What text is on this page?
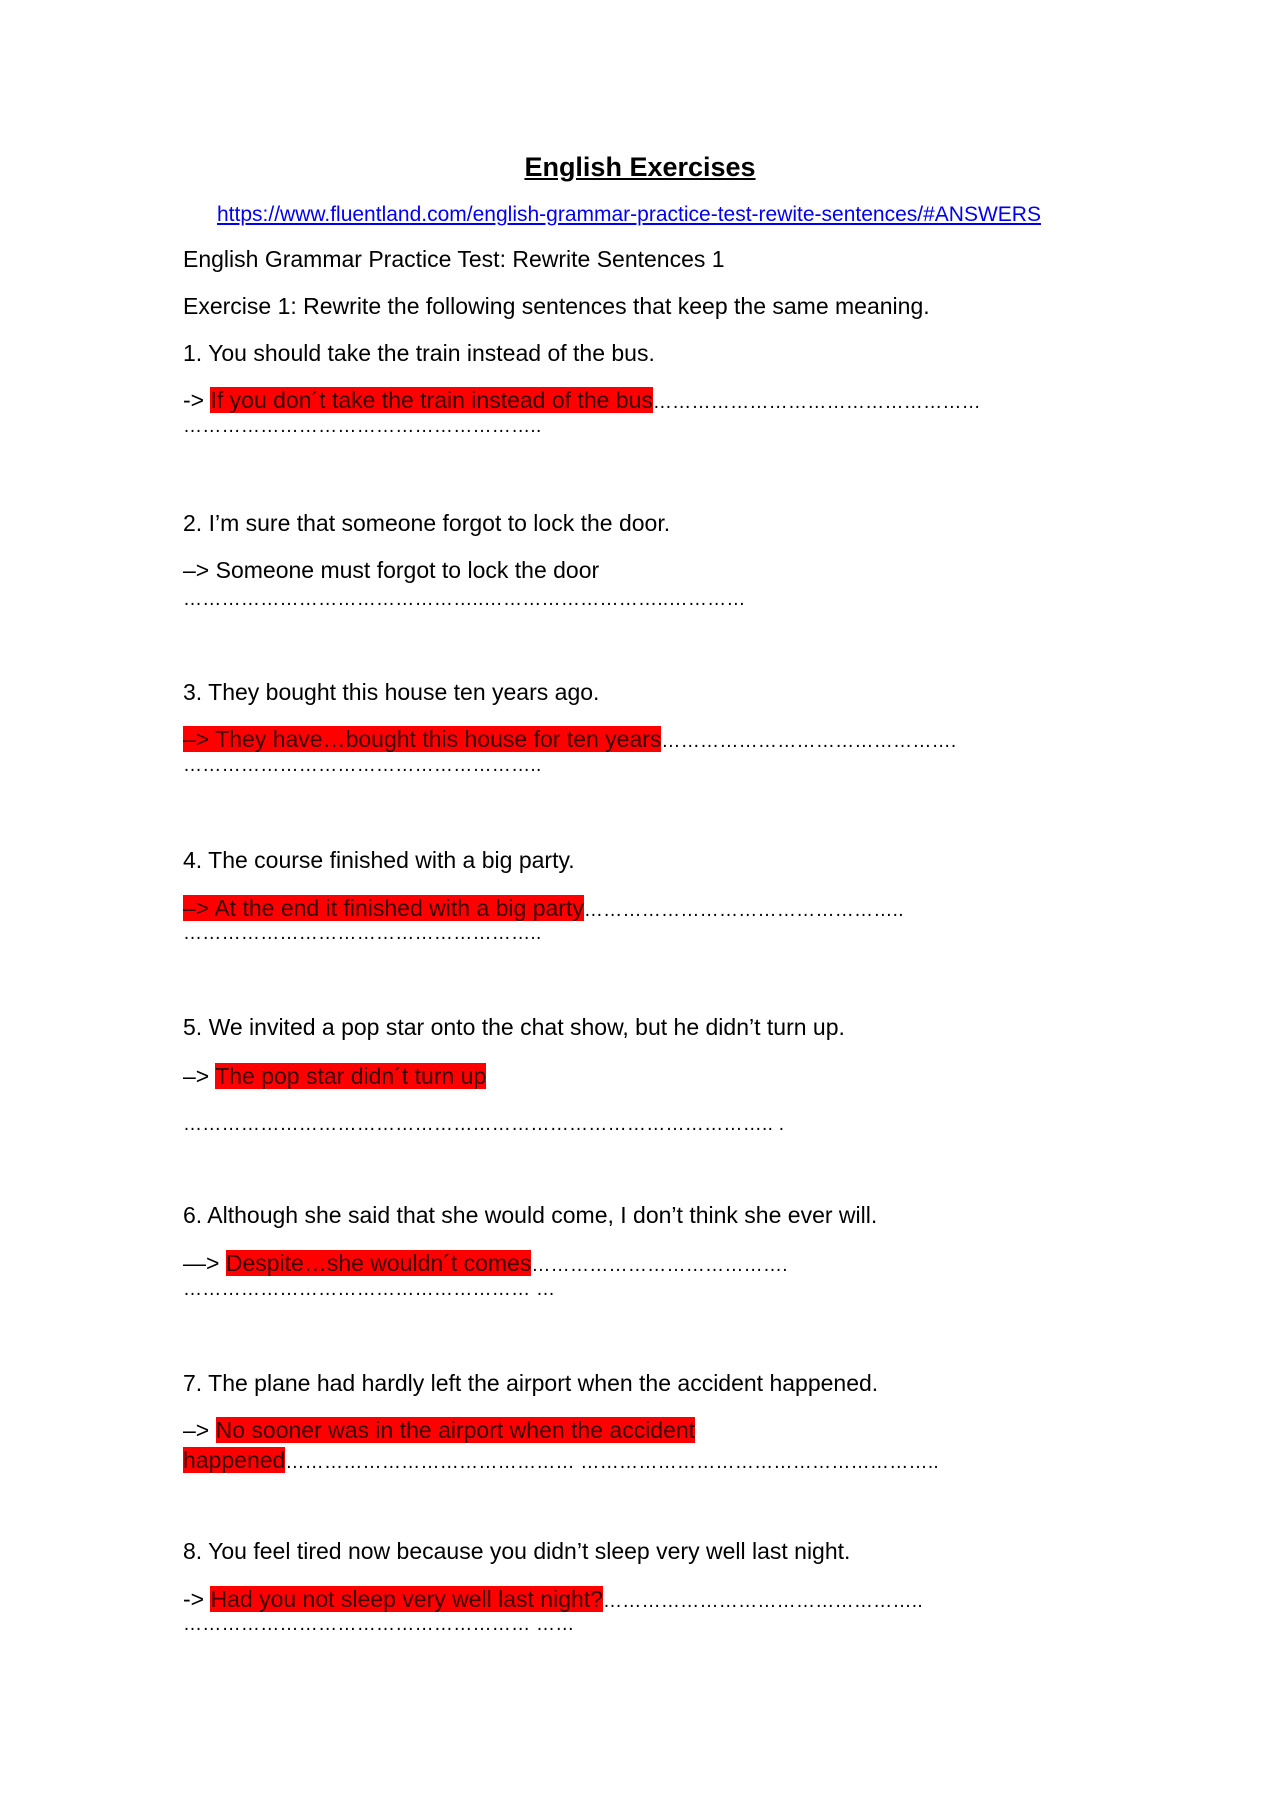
English Exercises
https://www.fluentland.com/english-grammar-practice-test-rewite-sentences/#ANSWERS
English Grammar Practice Test: Rewrite Sentences 1
Exercise 1: Rewrite the following sentences that keep the same meaning.
1. You should take the train instead of the bus.
-> If you don´t take the train instead of the bus……………………………………………
………………………………………………..
2. I’m sure that someone forgot to lock the door.
–> Someone must forgot to lock the door
………………………………………..………………………..…………
3. They bought this house ten years ago.
–> They have…bought this house for ten years……………………………………….
………………………………………………..
4. The course finished with a big party.
–> At the end it finished with a big party…………………………………………..
………………………………………………..
5. We invited a pop star onto the chat show, but he didn’t turn up.
–> The pop star didn´t turn up
……………………………………………………………………………….. .
6. Although she said that she would come, I don’t think she ever will.
—> Despite…she wouldn´t comes………………………………….
……………………………………………… …
7. The plane had hardly left the airport when the accident happened.
–> No sooner was in the airport when the accident
happened……………………………………… ………………………………………………..
8. You feel tired now because you didn’t sleep very well last night.
-> Had you not sleep very well last night?…………………………………………..
……………………………………………… ……
